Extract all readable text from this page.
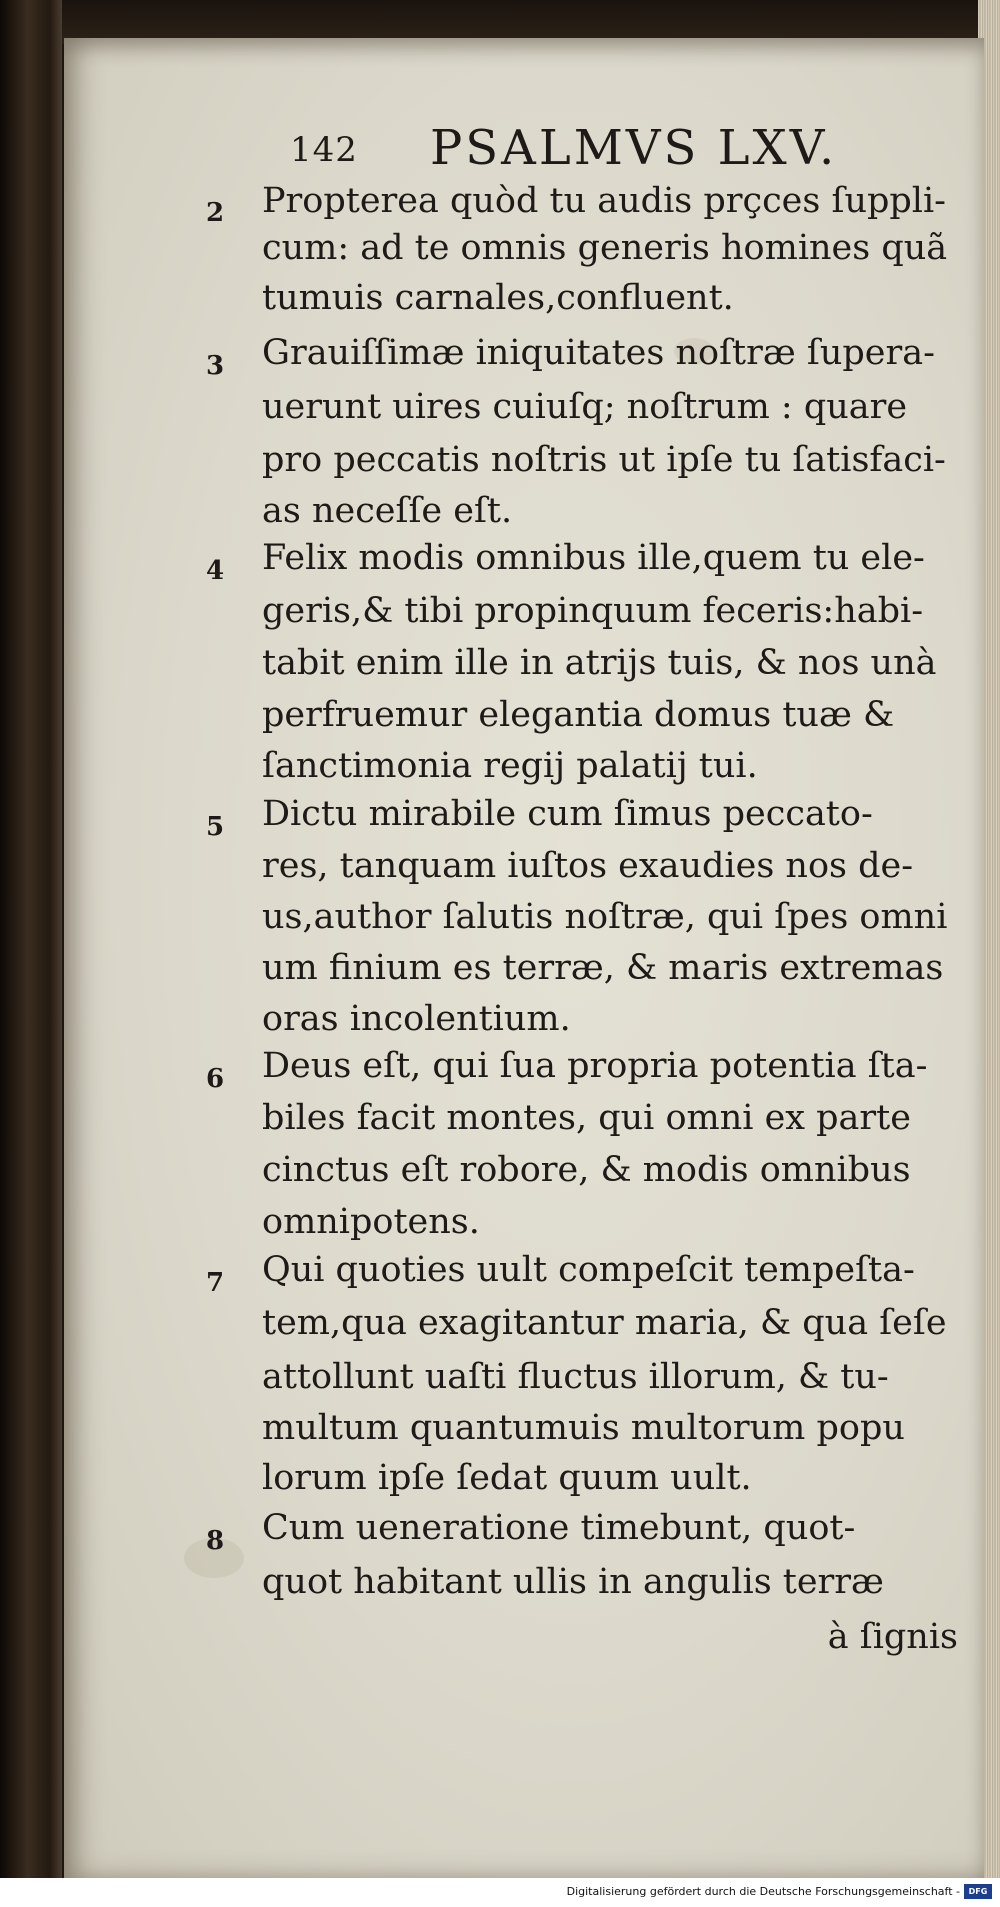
142 PSALMVS LXV.
2 Propterea quòd tu audis prçces ſuppli-
cum: ad te omnis generis homines quã
tumuis carnales,confluent.
3 Grauiſſimæ iniquitates noſtræ ſupera-
uerunt uires cuiuſq; noſtrum : quare
pro peccatis noſtris ut ipſe tu ſatisfaci-
as neceſſe eſt.
4 Felix modis omnibus ille,quem tu ele-
geris,& tibi propinquum feceris:habi-
tabit enim ille in atrijs tuis, & nos unà
perfruemur elegantia domus tuæ &
ſanctimonia regij palatij tui.
5 Dictu mirabile cum ſimus peccato-
res, tanquam iuſtos exaudies nos de-
us,author ſalutis noſtræ, qui ſpes omni
um finium es terræ, & maris extremas
oras incolentium.
6 Deus eſt, qui ſua propria potentia ſta-
biles facit montes, qui omni ex parte
cinctus eſt robore, & modis omnibus
omnipotens.
7 Qui quoties uult compeſcit tempeſta-
tem,qua exagitantur maria, & qua ſeſe
attollunt uaſti fluctus illorum, & tu-
multum quantumuis multorum popu
lorum ipſe ſedat quum uult.
8 Cum ueneratione timebunt, quot-
quot habitant ullis in angulis terræ
à ſignis
Digitalisierung gefördert durch die Deutsche Forschungsgemeinschaft -	DFG
